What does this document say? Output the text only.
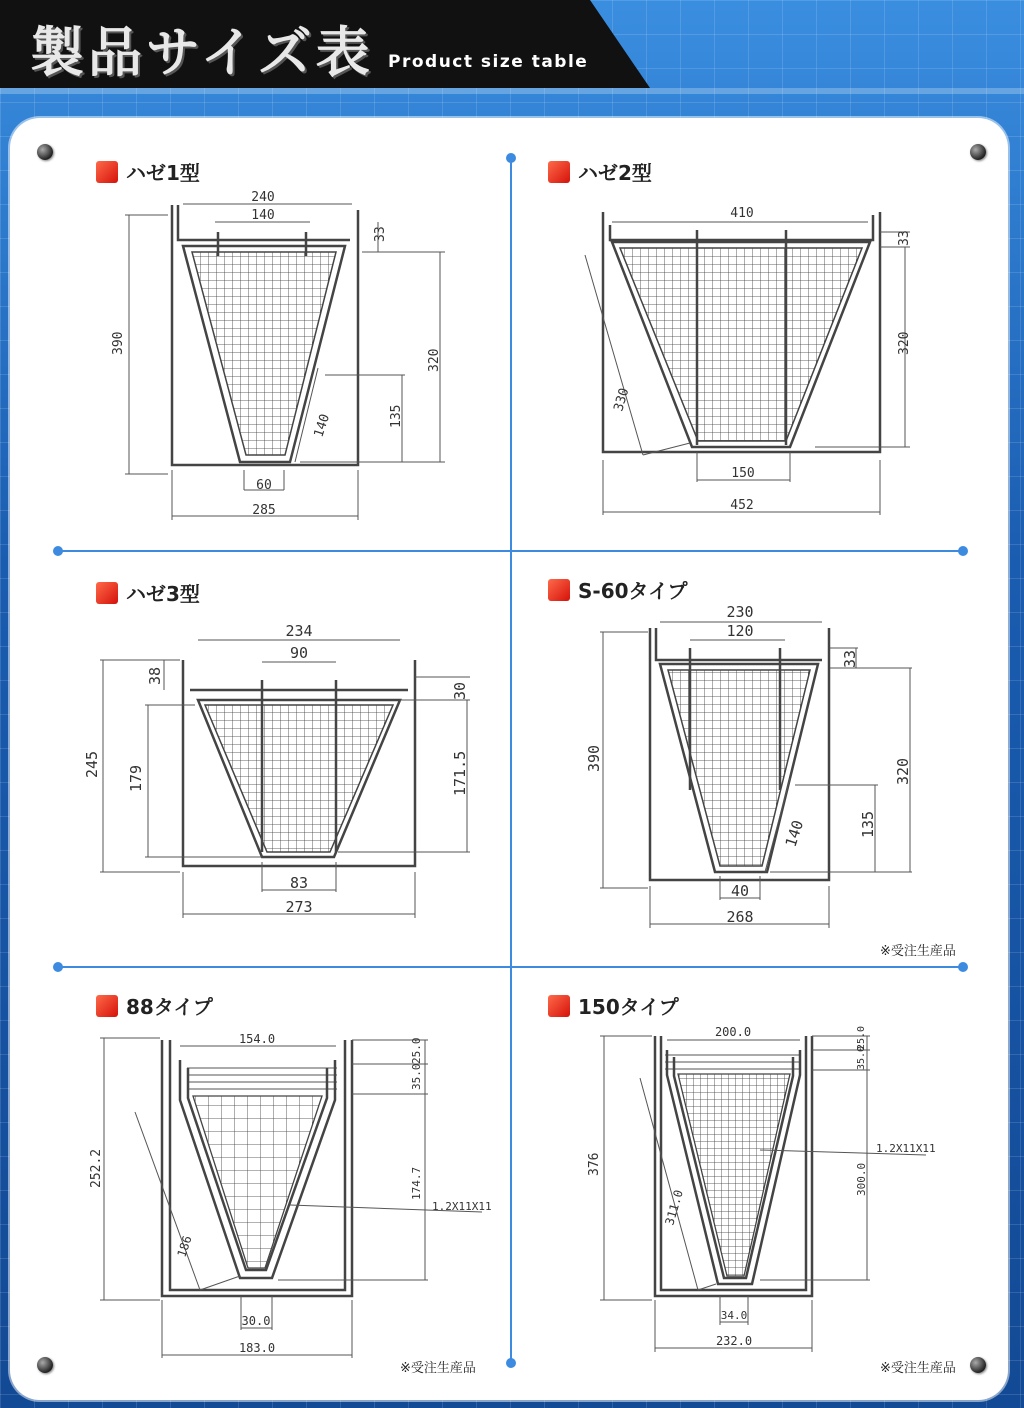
製品サイズ表 Product size table
ハゼ1型	ハゼ2型
ハゼ3型	S-60タイプ
88タイプ	150タイプ
※受注生産品
※受注生産品	※受注生産品
240
140
33
390
320
140	135
60
285
410
33
320
330
150
452
234
90
38
30
245
179	171.5
83
273
230
120
33
390	320
140	135
40
268
154.0	25.0
35.0
252.2	174.7
1.2X11X11
186
30.0
183.0
200.0
35.0
25.0
1.2X11X11
376	300.0
311.0
34.0
232.0
